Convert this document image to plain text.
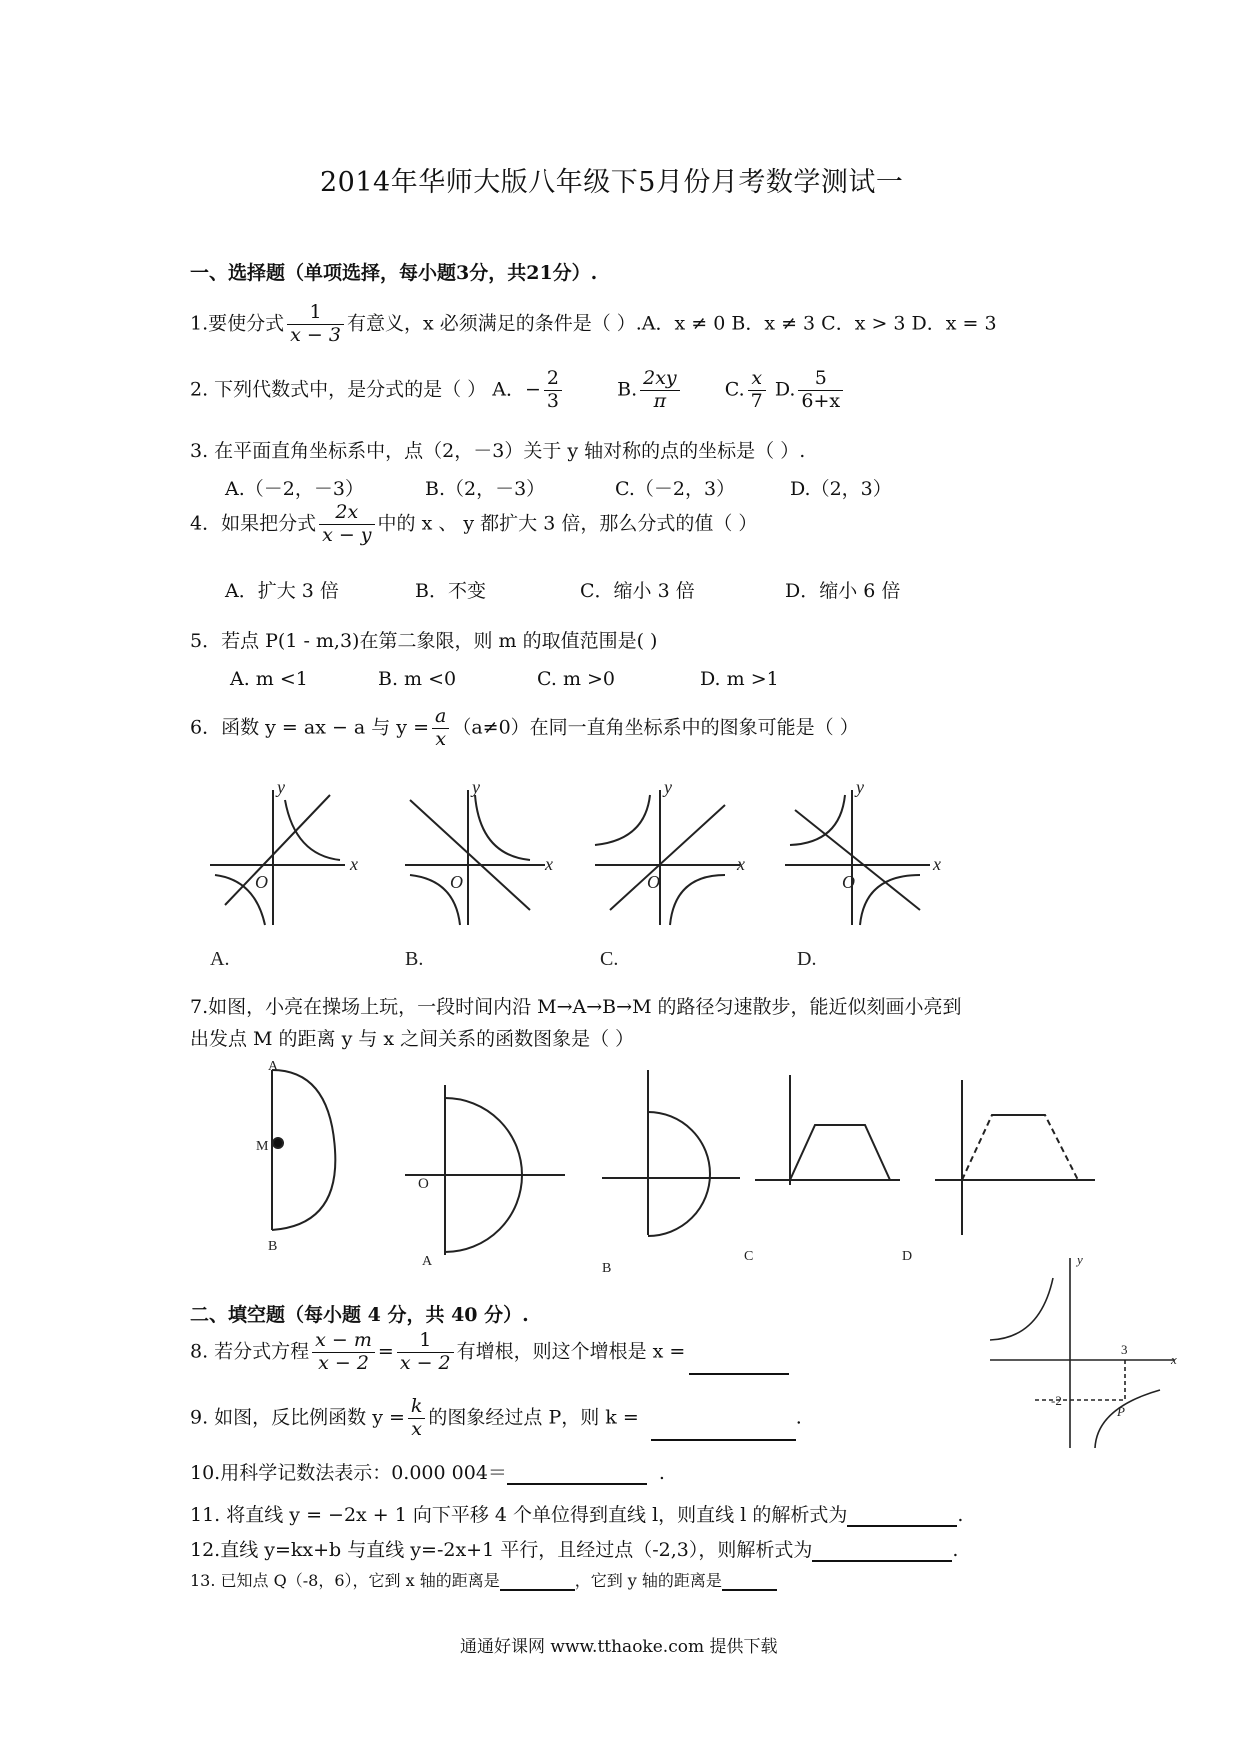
2014年华师大版八年级下5月份月考数学测试一
一、选择题（单项选择，每小题3分，共21分）.
1.要使分式 $\frac{1}{x - 3}$ 有意义，x 必须满足的条件是（ ）.A．x ≠ 0 B．x ≠ 3 C．x > 3 D．x = 3
2. 下列代数式中，是分式的是（ ） A．− $\frac{2}{3}$	B. $\frac{2xy}{\pi} C$. $\frac{x}{7} D$. $\frac{5}{6+x}$
3. 在平面直角坐标系中，点（2，－3）关于 y 轴对称的点的坐标是（ ）.
A.（－2，－3）	B.（2，－3）	C.（－2，3）	D.（2，3）
4．如果把分式 $\frac{2x}{x - y}$ 中的 x 、 y 都扩大 3 倍，那么分式的值（ ）
A．扩大 3 倍	B．不变	C．缩小 3 倍	D．缩小 6 倍
5．若点 P(1 - m,3)在第二象限，则 m 的取值范围是( )
A. m <1	B. m <0	C. m >0	D. m >1
6．函数 y = ax − a 与 $y = \frac{a}{x} (a\ne 0)$在同一直角坐标系中的图象可能是（ ）
y
x
O
y
x
O
y
x
O
y
x
O
A.	B.	C.	D.
7.如图，小亮在操场上玩，一段时间内沿 M→A→B→M 的路径匀速散步，能近似刻画小亮到
出发点 M 的距离 y 与 x 之间关系的函数图象是（ ）
A
M
B
O
A	B
C	D
二、填空题（每小题 4 分，共 40 分）.
8. 若分式方程 $\frac{x - m}{x - 2} = \frac{1}{x - 2}$ 有增根，则这个增根是 x =
9. 如图，反比例函数 $y = \frac{k}{x}$ 的图象经过点 P，则 k =	.
y
x
3
-2
P
10.用科学记数法表示：0.000 004＝	.
11. 将直线 y = −2x + 1 向下平移 4 个单位得到直线 l，则直线 l 的解析式为	.
12.直线 y=kx+b 与直线 y=-2x+1 平行，且经过点（-2,3），则解析式为	.
13. 已知点 Q（-8，6），它到 x 轴的距离是	，它到 y 轴的距离是
通通好课网 www.tthaoke.com 提供下载
